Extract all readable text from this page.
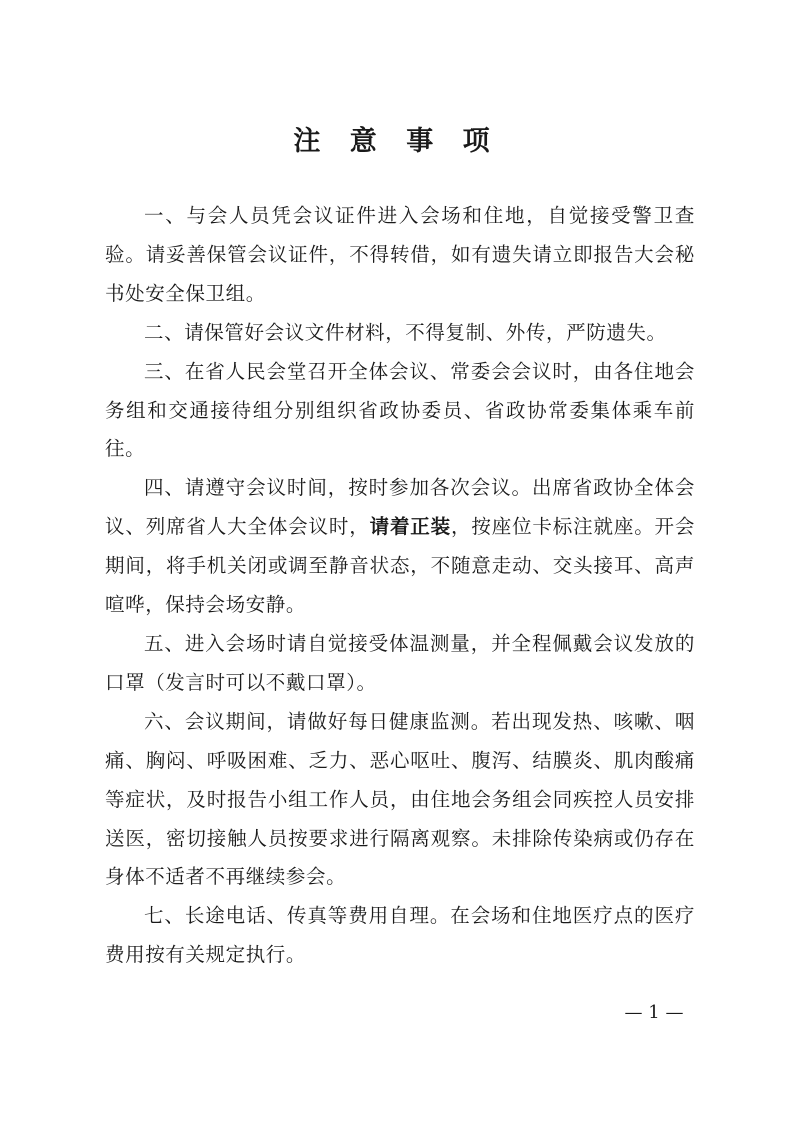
注 意 事 项

一、与会人员凭会议证件进入会场和住地，自觉接受警卫查验。请妥善保管会议证件，不得转借，如有遗失请立即报告大会秘书处安全保卫组。

二、请保管好会议文件材料，不得复制、外传，严防遗失。

三、在省人民会堂召开全体会议、常委会会议时，由各住地会务组和交通接待组分别组织省政协委员、省政协常委集体乘车前往。

四、请遵守会议时间，按时参加各次会议。出席省政协全体会议、列席省人大全体会议时，请着正装，按座位卡标注就座。开会期间，将手机关闭或调至静音状态，不随意走动、交头接耳、高声喧哗，保持会场安静。

五、进入会场时请自觉接受体温测量，并全程佩戴会议发放的口罩（发言时可以不戴口罩）。

六、会议期间，请做好每日健康监测。若出现发热、咳嗽、咽痛、胸闷、呼吸困难、乏力、恶心呕吐、腹泻、结膜炎、肌肉酸痛等症状，及时报告小组工作人员，由住地会务组会同疾控人员安排送医，密切接触人员按要求进行隔离观察。未排除传染病或仍存在身体不适者不再继续参会。

七、长途电话、传真等费用自理。在会场和住地医疗点的医疗费用按有关规定执行。

— 1 —
